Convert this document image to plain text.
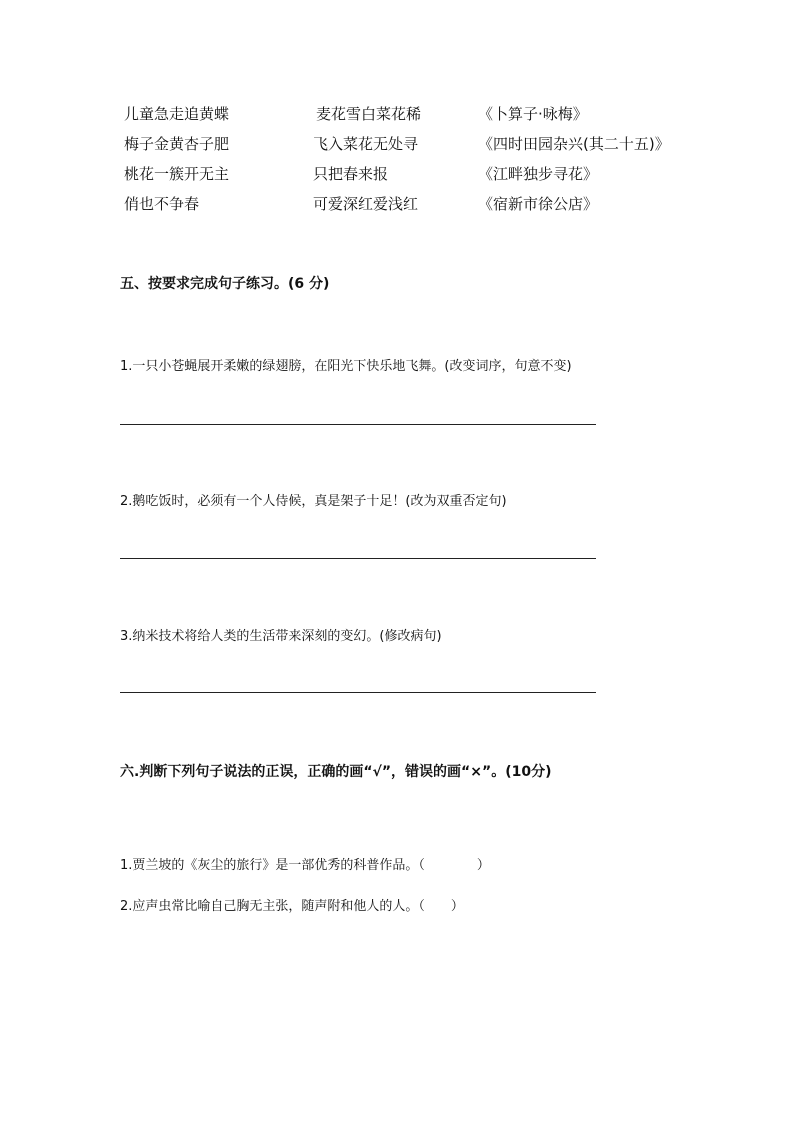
儿童急走追黄蝶
梅子金黄杏子肥
桃花一簇开无主
俏也不争春
麦花雪白菜花稀
飞入菜花无处寻
只把春来报
可爱深红爱浅红
《卜算子·咏梅》
《四时田园杂兴(其二十五)》
《江畔独步寻花》
《宿新市徐公店》
五、按要求完成句子练习。(6 分)
1.一只小苍蝇展开柔嫩的绿翅膀，在阳光下快乐地飞舞。(改变词序，句意不变)
2.鹅吃饭时，必须有一个人侍候，真是架子十足！(改为双重否定句)
3.纳米技术将给人类的生活带来深刻的变幻。(修改病句)
六.判断下列句子说法的正误，正确的画“√”，错误的画“×”。(10分)
1.贾兰坡的《灰尘的旅行》是一部优秀的科普作品。（　　　　）
2.应声虫常比喻自己胸无主张，随声附和他人的人。（　　）
